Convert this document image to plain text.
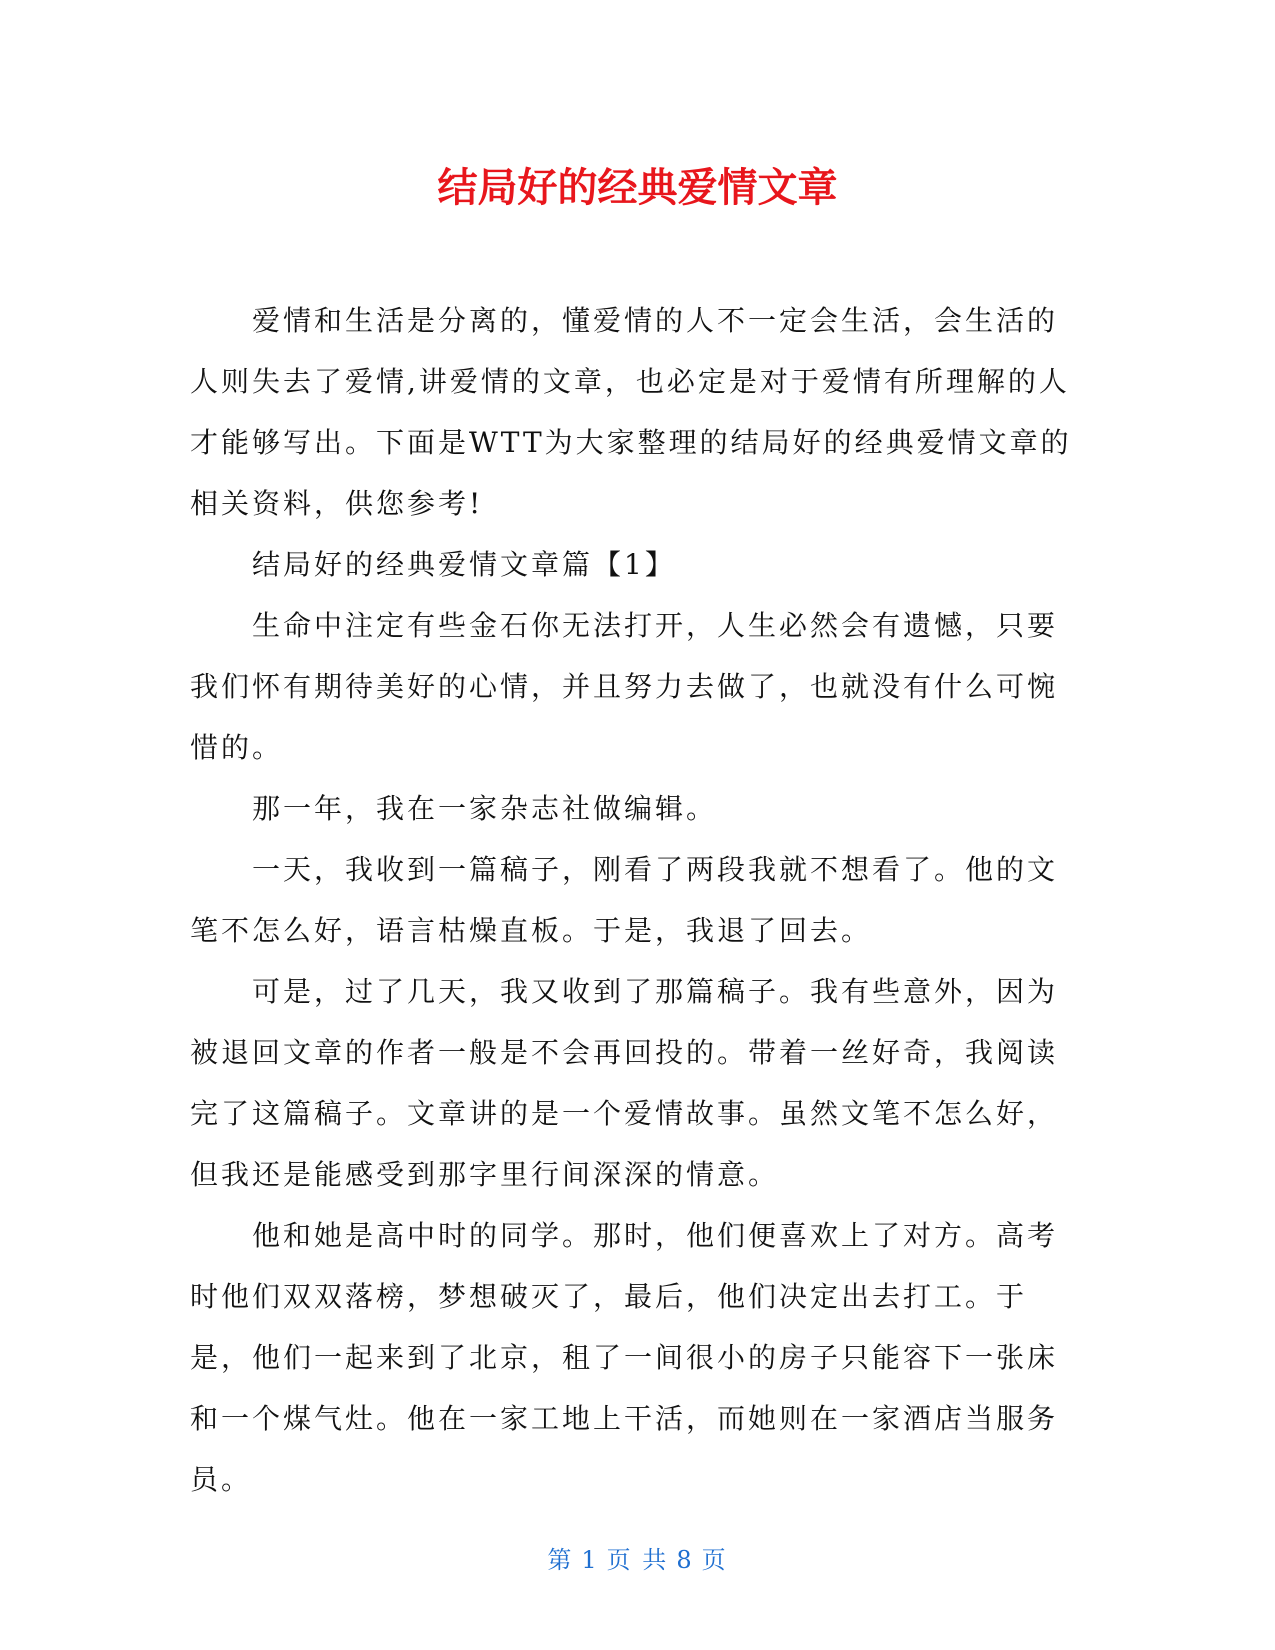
结局好的经典爱情文章

爱情和生活是分离的，懂爱情的人不一定会生活，会生活的人则失去了爱情,讲爱情的文章，也必定是对于爱情有所理解的人才能够写出。下面是WTT为大家整理的结局好的经典爱情文章的相关资料，供您参考!

结局好的经典爱情文章篇【1】

生命中注定有些金石你无法打开，人生必然会有遗憾，只要我们怀有期待美好的心情，并且努力去做了，也就没有什么可惋惜的。

那一年，我在一家杂志社做编辑。

一天，我收到一篇稿子，刚看了两段我就不想看了。他的文笔不怎么好，语言枯燥直板。于是，我退了回去。

可是，过了几天，我又收到了那篇稿子。我有些意外，因为被退回文章的作者一般是不会再回投的。带着一丝好奇，我阅读完了这篇稿子。文章讲的是一个爱情故事。虽然文笔不怎么好，但我还是能感受到那字里行间深深的情意。

他和她是高中时的同学。那时，他们便喜欢上了对方。高考时他们双双落榜，梦想破灭了，最后，他们决定出去打工。于是，他们一起来到了北京，租了一间很小的房子只能容下一张床和一个煤气灶。他在一家工地上干活，而她则在一家酒店当服务员。

第 1 页 共 8 页
